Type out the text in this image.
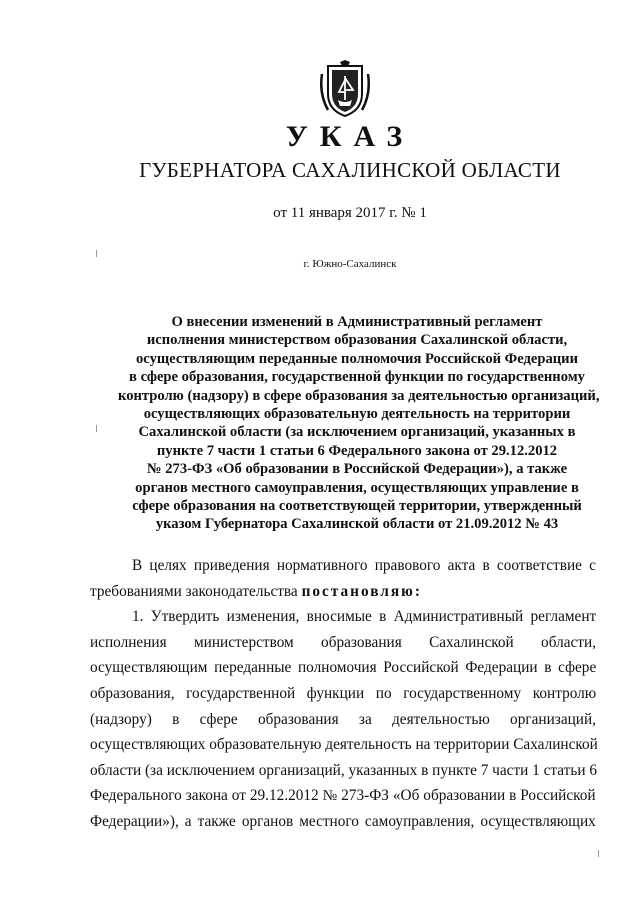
УКАЗ
ГУБЕРНАТОРА САХАЛИНСКОЙ ОБЛАСТИ
от 11 января 2017 г. № 1
г. Южно-Сахалинск
О внесении изменений в Административный регламент
исполнения министерством образования Сахалинской области,
осуществляющим переданные полномочия Российской Федерации
в сфере образования, государственной функции по государственному
контролю (надзору) в сфере образования за деятельностью организаций,
осуществляющих образовательную деятельность на территории
Сахалинской области (за исключением организаций, указанных в
пункте 7 части 1 статьи 6 Федерального закона от 29.12.2012
№ 273-ФЗ «Об образовании в Российской Федерации»), а также
органов местного самоуправления, осуществляющих управление в
сфере образования на соответствующей территории, утвержденный
указом Губернатора Сахалинской области от 21.09.2012 № 43
В целях приведения нормативного правового акта в соответствие с
требованиями законодательства постановляю:
1. Утвердить изменения, вносимые в Административный регламент
исполнения министерством образования Сахалинской области,
осуществляющим переданные полномочия Российской Федерации в сфере
образования, государственной функции по государственному контролю
(надзору) в сфере образования за деятельностью организаций,
осуществляющих образовательную деятельность на территории Сахалинской
области (за исключением организаций, указанных в пункте 7 части 1 статьи 6
Федерального закона от 29.12.2012 № 273-ФЗ «Об образовании в Российской
Федерации»), а также органов местного самоуправления, осуществляющих
